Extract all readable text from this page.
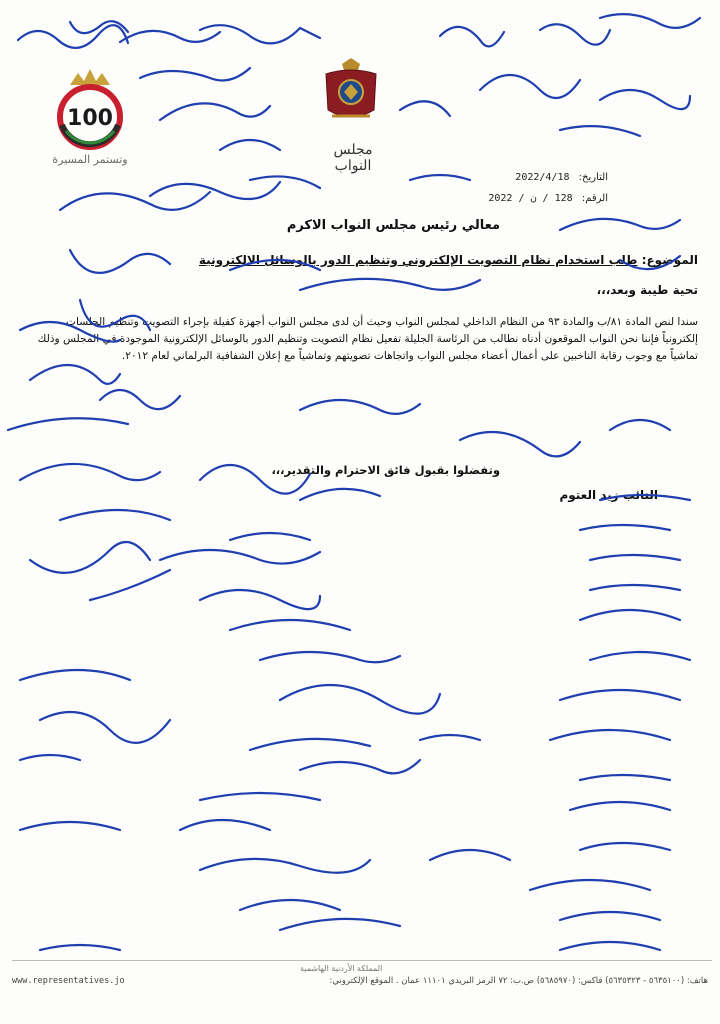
100
وتستمر المسيرة
مجلس النواب
التاريخ: 2022/4/18
الرقم: 128 / ن / 2022
معالي رئيس مجلس النواب الاكرم
الموضوع: طلب استخدام نظام التصويت الإلكتروني وتنظيم الدور بالوسائل الالكترونية
تحية طيبة وبعد،،،
سندا لنص المادة ٨١/ب والمادة ٩٣ من النظام الداخلي لمجلس النواب وحيث أن لدى مجلس النواب أجهزة كفيلة بإجراء التصويت وتنظيم الجلسات إلكترونياً فإننا نحن النواب الموقعون أدناه نطالب من الرئاسة الجليلة تفعيل نظام التصويت وتنظيم الدور بالوسائل الإلكترونية الموجودة في المجلس وذلك تماشياً مع وجوب رقابة الناخبين على أعمال أعضاء مجلس النواب واتجاهات تصويتهم وتماشياً مع إعلان الشفافية البرلماني لعام ٢٠١٢.
وتفضلوا بقبول فائق الاحترام والتقدير،،،
النائب زيد العتوم
المملكة الأردنية الهاشمية
www.representatives.jo	هاتف: (٥٦٣٥١٠٠ - ٥٦٣٥٣٢٣) فاكس: (٥٦٨٥٩٧٠) ص.ب: ٧٢ الرمز البريدي ١١١٠١ عمان . الموقع الإلكتروني:
